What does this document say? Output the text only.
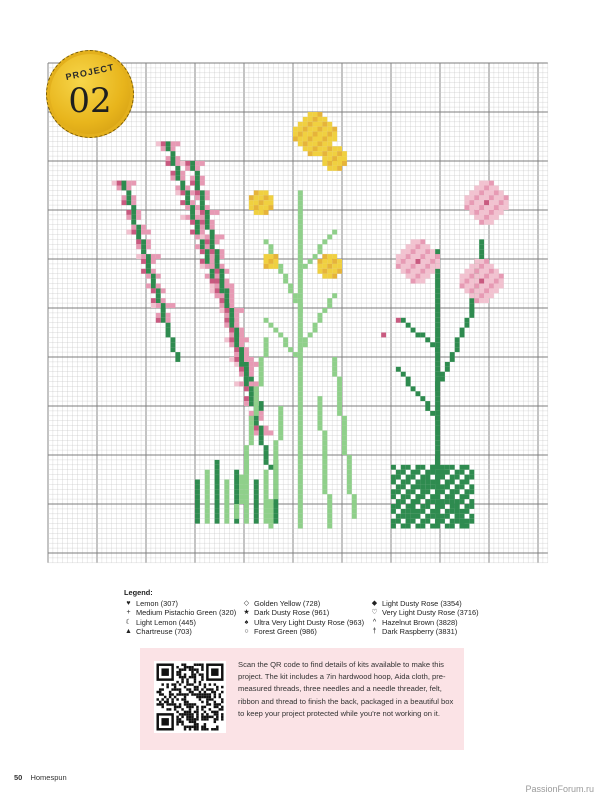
PROJECT
02
Legend:
♥ Lemon (307)
+ Medium Pistachio Green (320)
☾ Light Lemon (445)
▲ Chartreuse (703)
◇ Golden Yellow (728)
★ Dark Dusty Rose (961)
♠ Ultra Very Light Dusty Rose (963)
○ Forest Green (986)
◆ Light Dusty Rose (3354)
♡ Very Light Dusty Rose (3716)
^ Hazelnut Brown (3828)
† Dark Raspberry (3831)
Scan the QR code to find details of kits available to make this project. The kit includes a 7in hardwood hoop, Aida cloth, pre-measured threads, three needles and a needle threader, felt, ribbon and thread to finish the back, packaged in a beautiful box to keep your project protected while you're not working on it.
50 Homespun
PassionForum.ru
